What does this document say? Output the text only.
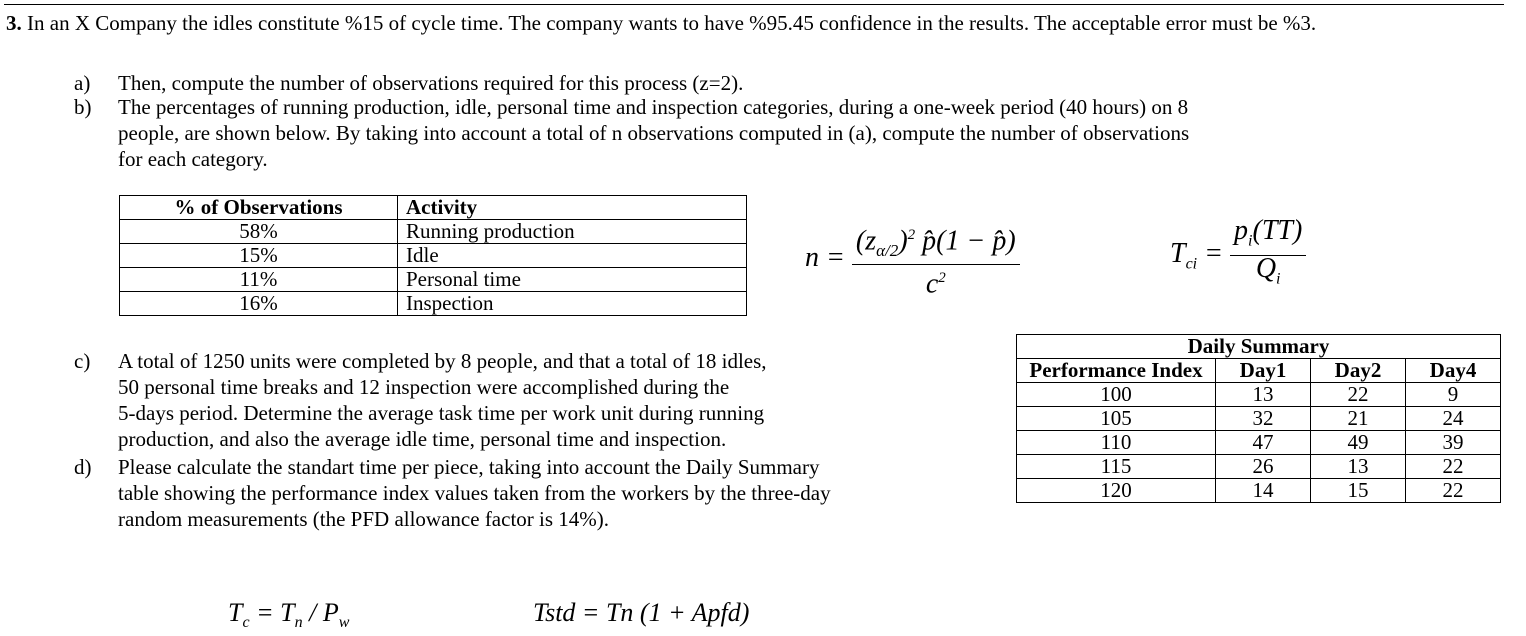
3. In an X Company the idles constitute %15 of cycle time. The company wants to have %95.45 confidence in the results. The acceptable error must be %3.
a) Then, compute the number of observations required for this process (z=2).
b) The percentages of running production, idle, personal time and inspection categories, during a one-week period (40 hours) on 8
people, are shown below. By taking into account a total of n observations computed in (a), compute the number of observations
for each category.
% of Observations	Activity
58%	Running production
15%	Idle
11%	Personal time
16%	Inspection
$n = \frac{(z_{\alpha/2})^2 p̂(1 - p̂)}{c^2}$	$T_{ci} = \frac{p_i(TT)}{Q_i}$
c) A total of 1250 units were completed by 8 people, and that a total of 18 idles,
50 personal time breaks and 12 inspection were accomplished during the
5-days period. Determine the average task time per work unit during running
production, and also the average idle time, personal time and inspection.
d) Please calculate the standart time per piece, taking into account the Daily Summary
table showing the performance index values taken from the workers by the three-day
random measurements (the PFD allowance factor is 14%).
Daily Summary			
Performance Index	Day1	Day2	Day4
100	13	22	9
105	32	21	24
110	47	49	39
115	26	13	22
120	14	15	22
$T_c = T_n / P_w$	Tstd = Tn (1 + Apfd)
